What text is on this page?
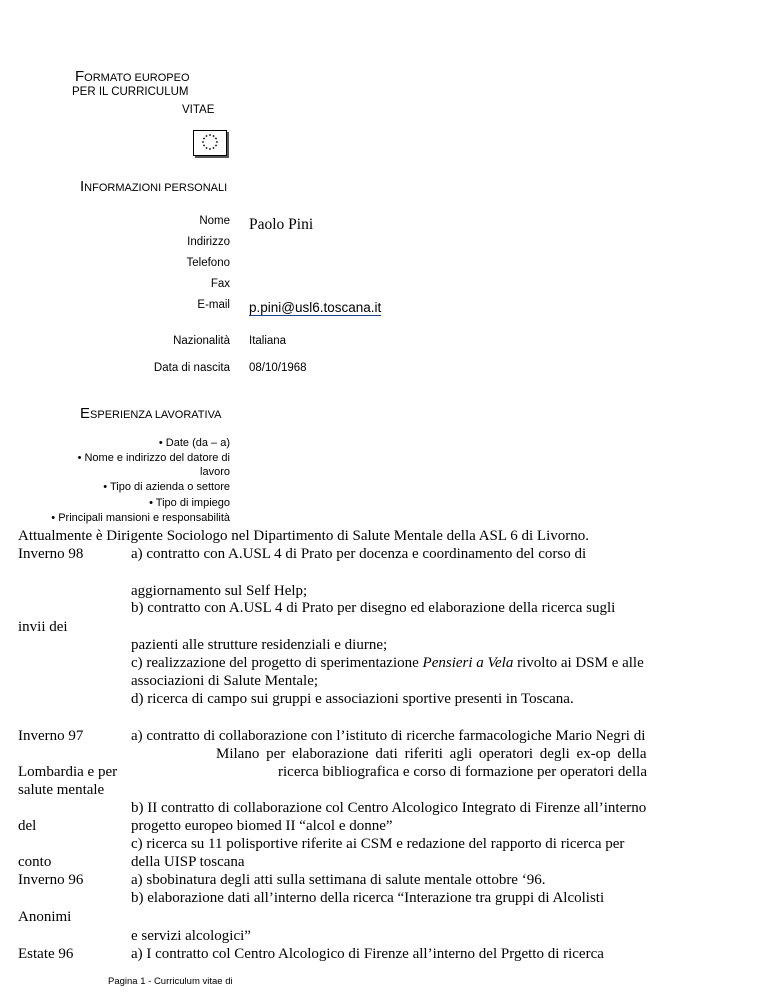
FORMATO EUROPEO
PER IL CURRICULUM
VITAE
INFORMAZIONI PERSONALI
Nome Paolo Pini
Indirizzo
Telefono
Fax
E-mail p.pini@usl6.toscana.it
Nazionalità Italiana
Data di nascita 08/10/1968
ESPERIENZA LAVORATIVA
• Date (da – a)
• Nome e indirizzo del datore di
lavoro
• Tipo di azienda o settore
• Tipo di impiego
• Principali mansioni e responsabilità
Attualmente è Dirigente Sociologo nel Dipartimento di Salute Mentale della ASL 6 di Livorno.
Inverno 98	a) contratto con A.USL 4 di Prato per docenza e coordinamento del corso di
aggiornamento sul Self Help;
b) contratto con A.USL 4 di Prato per disegno ed elaborazione della ricerca sugli
invii dei
pazienti alle strutture residenziali e diurne;
c) realizzazione del progetto di sperimentazione Pensieri a Vela rivolto ai DSM e alle
associazioni di Salute Mentale;
d) ricerca di campo sui gruppi e associazioni sportive presenti in Toscana.
Inverno 97	a) contratto di collaborazione con l’istituto di ricerche farmacologiche Mario Negri di
Milano per elaborazione dati riferiti agli operatori degli ex-op della
Lombardia e per	ricerca bibliografica e corso di formazione per operatori della
salute mentale
b) II contratto di collaborazione col Centro Alcologico Integrato di Firenze all’interno
del	progetto europeo biomed II “alcol e donne”
c) ricerca su 11 polisportive riferite ai CSM e redazione del rapporto di ricerca per
conto	della UISP toscana
Inverno 96	a) sbobinatura degli atti sulla settimana di salute mentale ottobre ‘96.
b) elaborazione dati all’interno della ricerca “Interazione tra gruppi di Alcolisti
Anonimi
e servizi alcologici”
Estate 96	a) I contratto col Centro Alcologico di Firenze all’interno del Prgetto di ricerca
Pagina 1 - Curriculum vitae di
